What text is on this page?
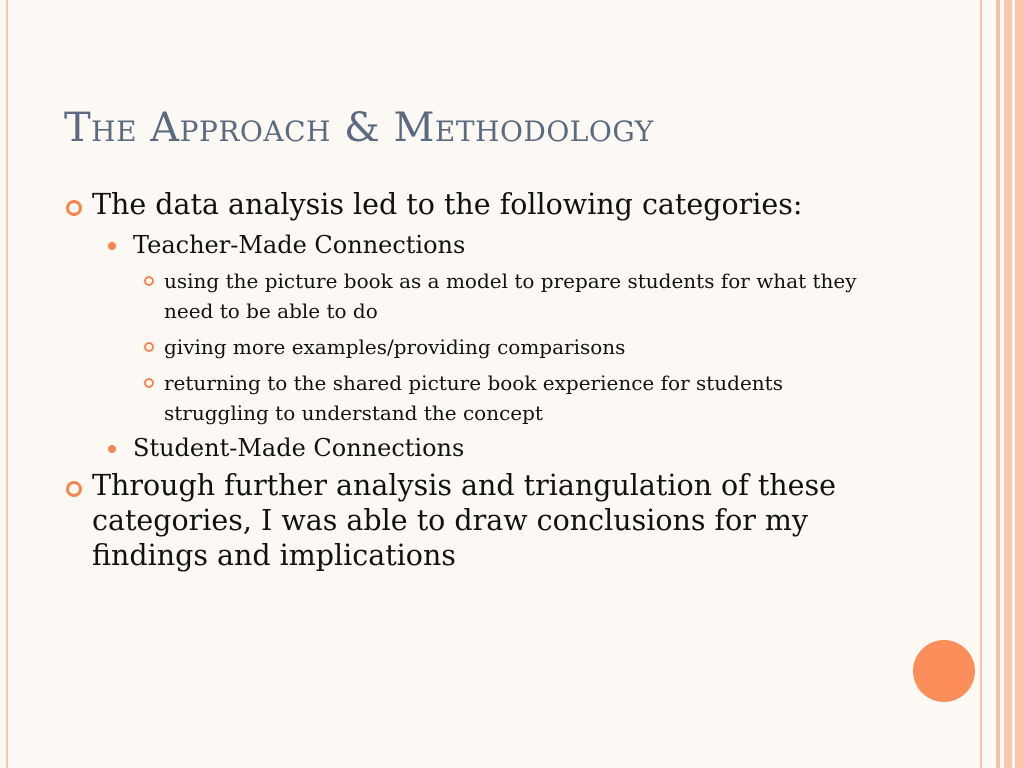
The Approach & Methodology
The data analysis led to the following categories:
Teacher-Made Connections
using the picture book as a model to prepare students for what they need to be able to do
giving more examples/providing comparisons
returning to the shared picture book experience for students struggling to understand the concept
Student-Made Connections
Through further analysis and triangulation of these categories, I was able to draw conclusions for my findings and implications
